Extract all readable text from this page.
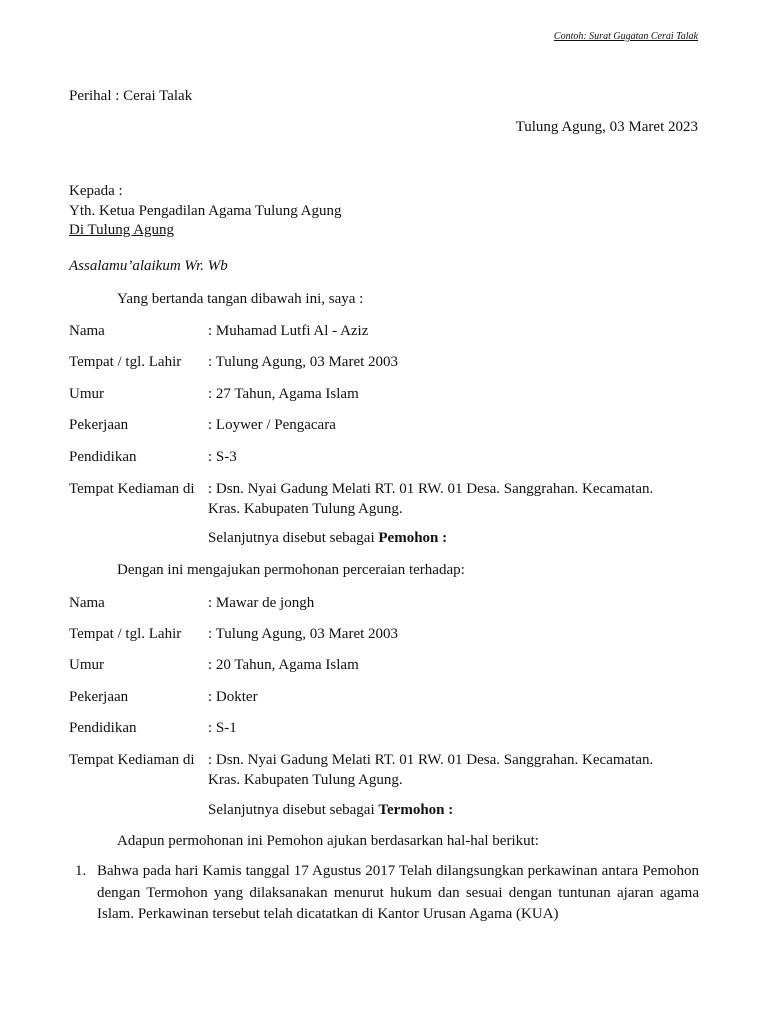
Contoh: Surat Gugatan Cerai Talak
Perihal : Cerai Talak
Tulung Agung, 03 Maret 2023
Kepada :
Yth. Ketua Pengadilan Agama Tulung Agung
Di Tulung Agung
Assalamu’alaikum Wr. Wb
Yang bertanda tangan dibawah ini, saya :
Nama	: Muhamad Lutfi Al - Aziz
Tempat / tgl. Lahir	: Tulung Agung, 03 Maret 2003
Umur	: 27 Tahun, Agama Islam
Pekerjaan	: Loywer / Pengacara
Pendidikan	: S-3
Tempat Kediaman di : Dsn. Nyai Gadung Melati RT. 01 RW. 01 Desa. Sanggrahan. Kecamatan.
Kras. Kabupaten Tulung Agung.
Selanjutnya disebut sebagai Pemohon :
Dengan ini mengajukan permohonan perceraian terhadap:
Nama	: Mawar de jongh
Tempat / tgl. Lahir	: Tulung Agung, 03 Maret 2003
Umur	: 20 Tahun, Agama Islam
Pekerjaan	: Dokter
Pendidikan	: S-1
Tempat Kediaman di : Dsn. Nyai Gadung Melati RT. 01 RW. 01 Desa. Sanggrahan. Kecamatan.
Kras. Kabupaten Tulung Agung.
Selanjutnya disebut sebagai Termohon :
Adapun permohonan ini Pemohon ajukan berdasarkan hal-hal berikut:
1. Bahwa pada hari Kamis tanggal 17 Agustus 2017 Telah dilangsungkan perkawinan antara Pemohon dengan Termohon yang dilaksanakan menurut hukum dan sesuai dengan tuntunan ajaran agama Islam. Perkawinan tersebut telah dicatatkan di Kantor Urusan Agama (KUA)
